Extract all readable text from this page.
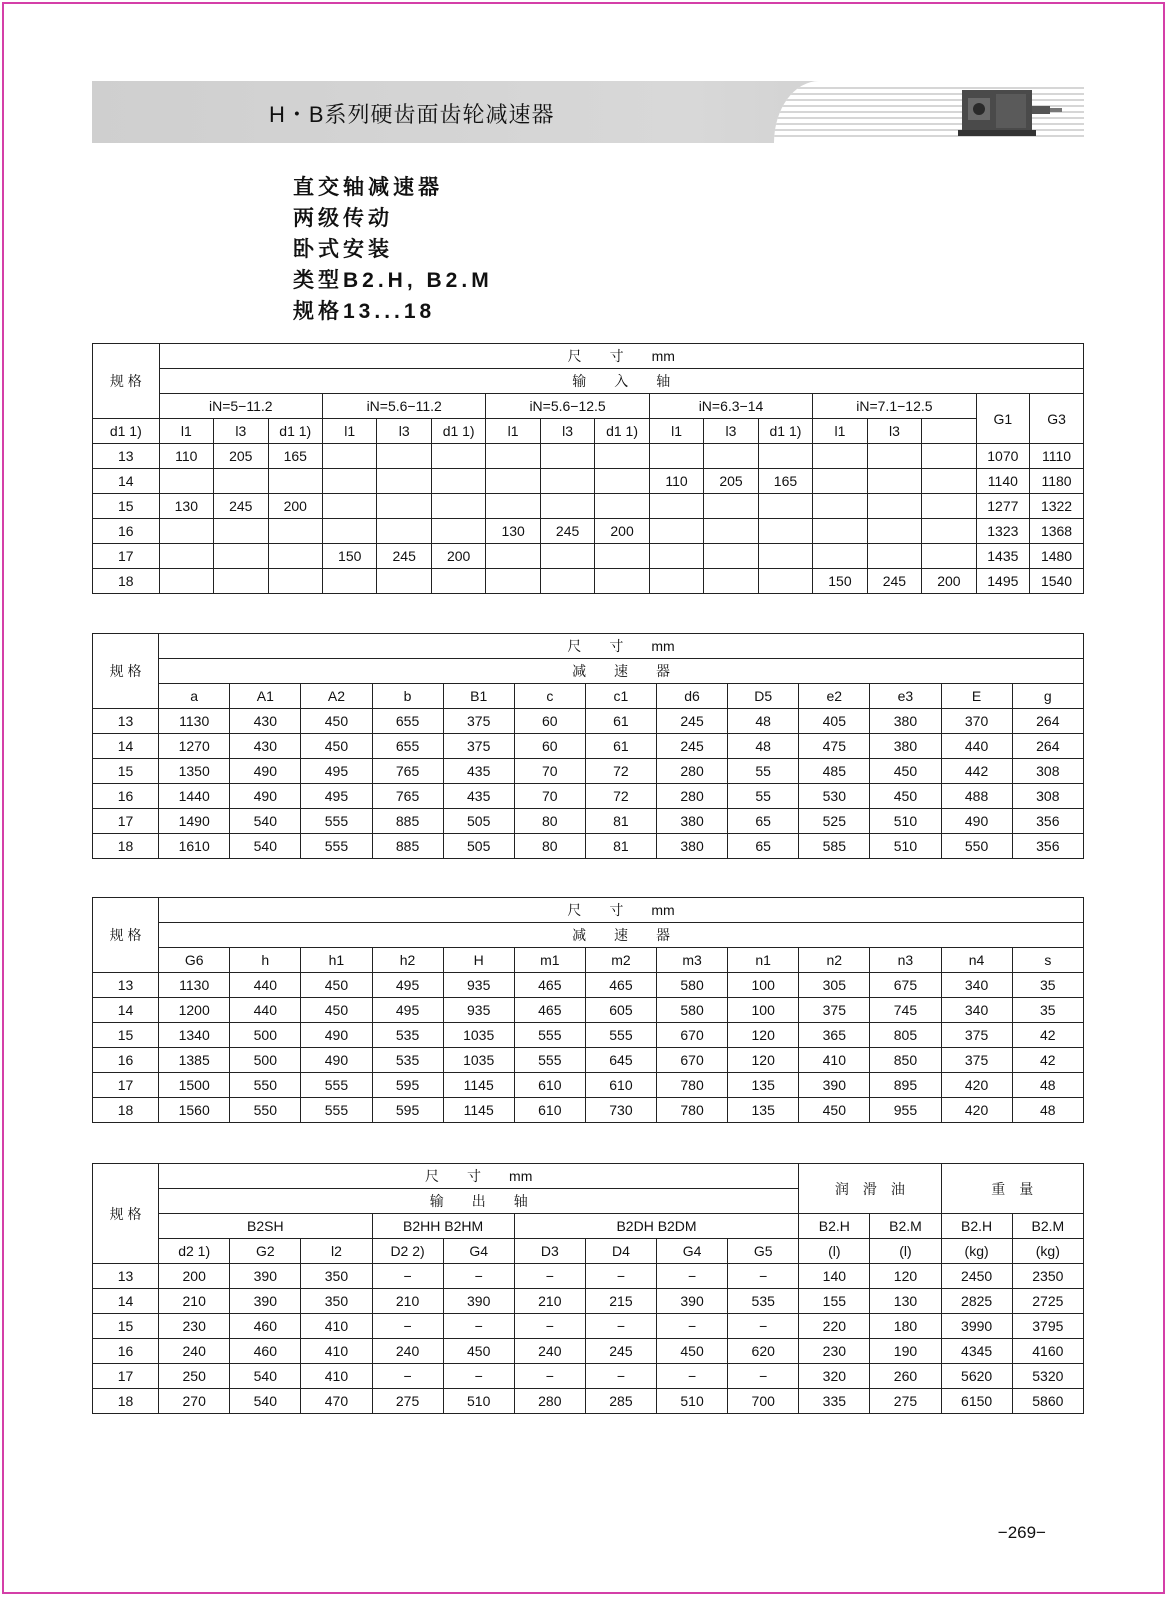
H・B系列硬齿面齿轮减速器
直交轴减速器
两级传动
卧式安装
类型B2.H, B2.M
规格13...18
规 格	尺　　寸　　mm																
	输　　入　　轴																
	iN=5−11.2			iN=5.6−11.2			iN=5.6−12.5			iN=6.3−14			iN=7.1−12.5			G1	G3
d1 1)	l1	l3	d1 1)	l1	l3	d1 1)	l1	l3	d1 1)	l1	l3	d1 1)	l1	l3			
13	110	205	165													1070	1110
14										110	205	165				1140	1180
15	130	245	200													1277	1322
16							130	245	200							1323	1368
17				150	245	200										1435	1480
18													150	245	200	1495	1540
规 格	尺　　寸　　mm												
	减　　速　　器												
	a	A1	A2	b	B1	c	c1	d6	D5	e2	e3	E	g
13	1130	430	450	655	375	60	61	245	48	405	380	370	264
14	1270	430	450	655	375	60	61	245	48	475	380	440	264
15	1350	490	495	765	435	70	72	280	55	485	450	442	308
16	1440	490	495	765	435	70	72	280	55	530	450	488	308
17	1490	540	555	885	505	80	81	380	65	525	510	490	356
18	1610	540	555	885	505	80	81	380	65	585	510	550	356
规 格	尺　　寸　　mm												
	减　　速　　器												
	G6	h	h1	h2	H	m1	m2	m3	n1	n2	n3	n4	s
13	1130	440	450	495	935	465	465	580	100	305	675	340	35
14	1200	440	450	495	935	465	605	580	100	375	745	340	35
15	1340	500	490	535	1035	555	555	670	120	365	805	375	42
16	1385	500	490	535	1035	555	645	670	120	410	850	375	42
17	1500	550	555	595	1145	610	610	780	135	390	895	420	48
18	1560	550	555	595	1145	610	730	780	135	450	955	420	48
规 格	尺　　寸　　mm									润　滑　油		重　量	
	输　　出　　轴												
	B2SH			B2HH B2HM		B2DH B2DM				B2.H	B2.M	B2.H	B2.M
	d2 1)	G2	l2	D2 2)	G4	D3	D4	G4	G5	(l)	(l)	(kg)	(kg)
13	200	390	350	−	−	−	−	−	−	140	120	2450	2350
14	210	390	350	210	390	210	215	390	535	155	130	2825	2725
15	230	460	410	−	−	−	−	−	−	220	180	3990	3795
16	240	460	410	240	450	240	245	450	620	230	190	4345	4160
17	250	540	410	−	−	−	−	−	−	320	260	5620	5320
18	270	540	470	275	510	280	285	510	700	335	275	6150	5860
−269−
